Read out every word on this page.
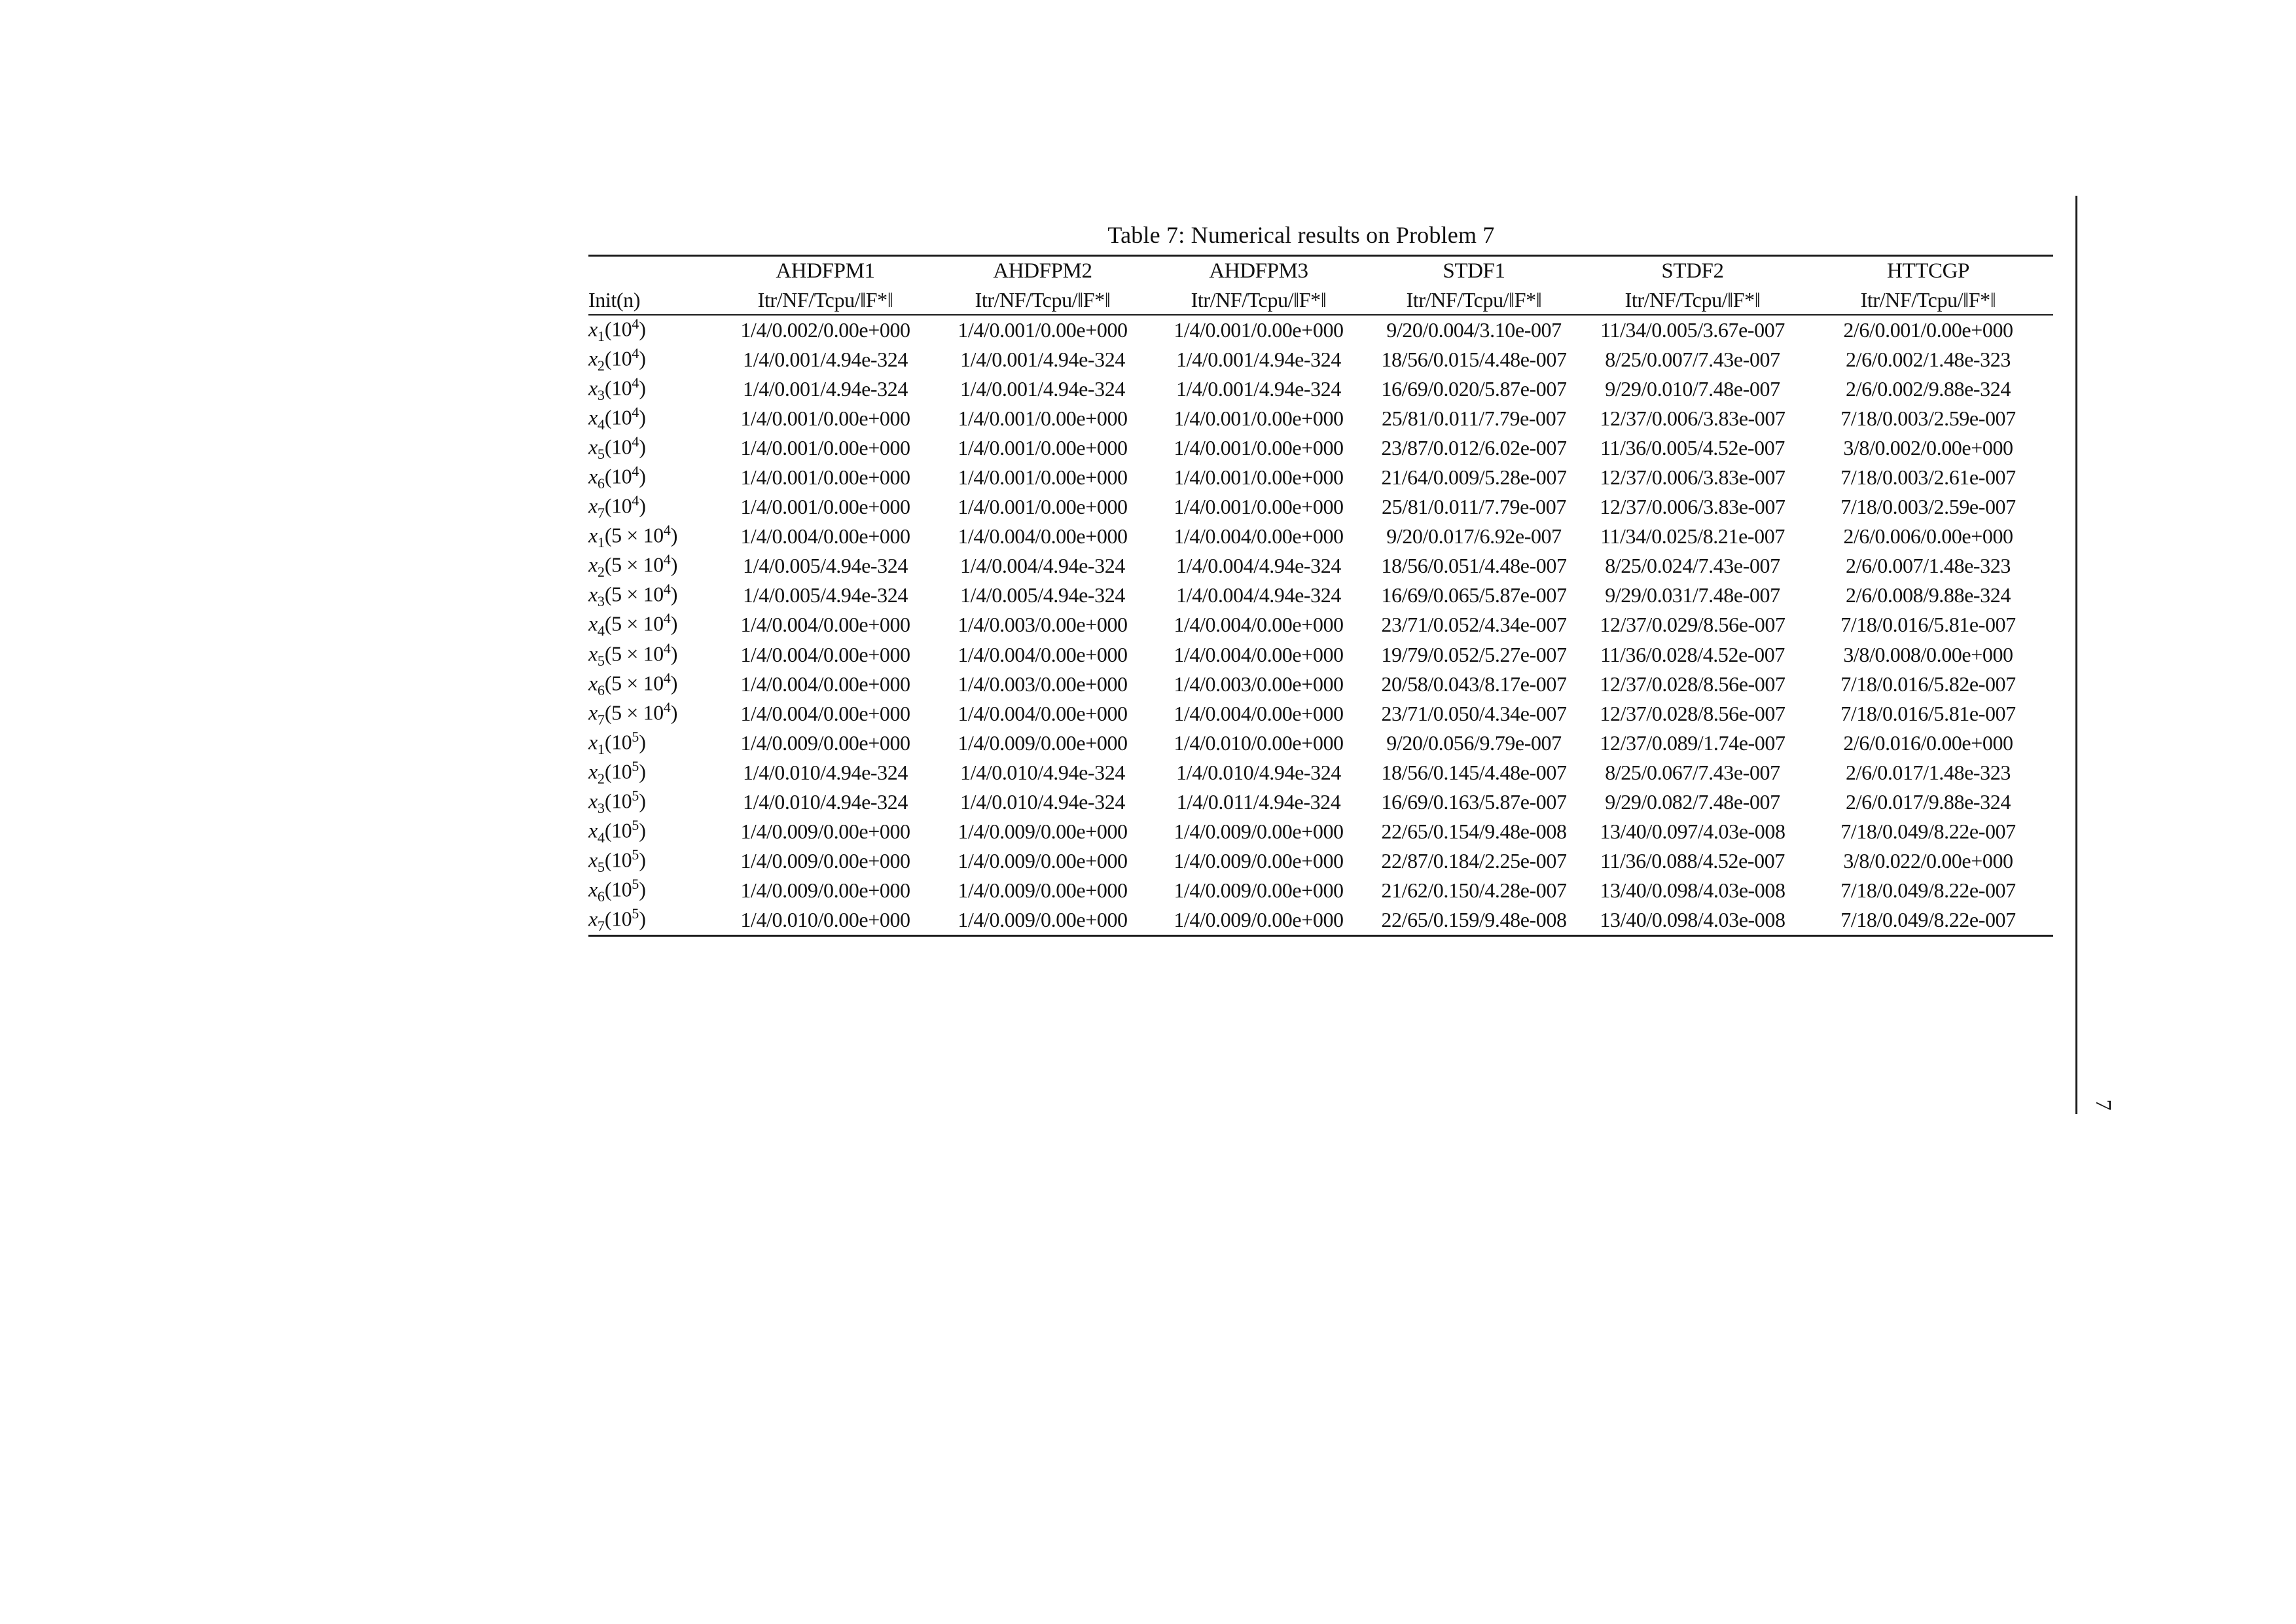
Table 7: Numerical results on Problem 7
	AHDFPM1	AHDFPM2	AHDFPM3	STDF1	STDF2	HTTCGP
Init(n)	Itr/NF/Tcpu/‖F*‖	Itr/NF/Tcpu/‖F*‖	Itr/NF/Tcpu/‖F*‖	Itr/NF/Tcpu/‖F*‖	Itr/NF/Tcpu/‖F*‖	Itr/NF/Tcpu/‖F*‖
$x_1(10^4)$	1/4/0.002/0.00e+000	1/4/0.001/0.00e+000	1/4/0.001/0.00e+000	9/20/0.004/3.10e-007	11/34/0.005/3.67e-007	2/6/0.001/0.00e+000
$x_2(10^4)$	1/4/0.001/4.94e-324	1/4/0.001/4.94e-324	1/4/0.001/4.94e-324	18/56/0.015/4.48e-007	8/25/0.007/7.43e-007	2/6/0.002/1.48e-323
$x_3(10^4)$	1/4/0.001/4.94e-324	1/4/0.001/4.94e-324	1/4/0.001/4.94e-324	16/69/0.020/5.87e-007	9/29/0.010/7.48e-007	2/6/0.002/9.88e-324
$x_4(10^4)$	1/4/0.001/0.00e+000	1/4/0.001/0.00e+000	1/4/0.001/0.00e+000	25/81/0.011/7.79e-007	12/37/0.006/3.83e-007	7/18/0.003/2.59e-007
$x_5(10^4)$	1/4/0.001/0.00e+000	1/4/0.001/0.00e+000	1/4/0.001/0.00e+000	23/87/0.012/6.02e-007	11/36/0.005/4.52e-007	3/8/0.002/0.00e+000
$x_6(10^4)$	1/4/0.001/0.00e+000	1/4/0.001/0.00e+000	1/4/0.001/0.00e+000	21/64/0.009/5.28e-007	12/37/0.006/3.83e-007	7/18/0.003/2.61e-007
$x_7(10^4)$	1/4/0.001/0.00e+000	1/4/0.001/0.00e+000	1/4/0.001/0.00e+000	25/81/0.011/7.79e-007	12/37/0.006/3.83e-007	7/18/0.003/2.59e-007
$x_1(5 \times 10^4)$	1/4/0.004/0.00e+000	1/4/0.004/0.00e+000	1/4/0.004/0.00e+000	9/20/0.017/6.92e-007	11/34/0.025/8.21e-007	2/6/0.006/0.00e+000
$x_2(5 \times 10^4)$	1/4/0.005/4.94e-324	1/4/0.004/4.94e-324	1/4/0.004/4.94e-324	18/56/0.051/4.48e-007	8/25/0.024/7.43e-007	2/6/0.007/1.48e-323
$x_3(5 \times 10^4)$	1/4/0.005/4.94e-324	1/4/0.005/4.94e-324	1/4/0.004/4.94e-324	16/69/0.065/5.87e-007	9/29/0.031/7.48e-007	2/6/0.008/9.88e-324
$x_4(5 \times 10^4)$	1/4/0.004/0.00e+000	1/4/0.003/0.00e+000	1/4/0.004/0.00e+000	23/71/0.052/4.34e-007	12/37/0.029/8.56e-007	7/18/0.016/5.81e-007
$x_5(5 \times 10^4)$	1/4/0.004/0.00e+000	1/4/0.004/0.00e+000	1/4/0.004/0.00e+000	19/79/0.052/5.27e-007	11/36/0.028/4.52e-007	3/8/0.008/0.00e+000
$x_6(5 \times 10^4)$	1/4/0.004/0.00e+000	1/4/0.003/0.00e+000	1/4/0.003/0.00e+000	20/58/0.043/8.17e-007	12/37/0.028/8.56e-007	7/18/0.016/5.82e-007
$x_7(5 \times 10^4)$	1/4/0.004/0.00e+000	1/4/0.004/0.00e+000	1/4/0.004/0.00e+000	23/71/0.050/4.34e-007	12/37/0.028/8.56e-007	7/18/0.016/5.81e-007
$x_1(10^5)$	1/4/0.009/0.00e+000	1/4/0.009/0.00e+000	1/4/0.010/0.00e+000	9/20/0.056/9.79e-007	12/37/0.089/1.74e-007	2/6/0.016/0.00e+000
$x_2(10^5)$	1/4/0.010/4.94e-324	1/4/0.010/4.94e-324	1/4/0.010/4.94e-324	18/56/0.145/4.48e-007	8/25/0.067/7.43e-007	2/6/0.017/1.48e-323
$x_3(10^5)$	1/4/0.010/4.94e-324	1/4/0.010/4.94e-324	1/4/0.011/4.94e-324	16/69/0.163/5.87e-007	9/29/0.082/7.48e-007	2/6/0.017/9.88e-324
$x_4(10^5)$	1/4/0.009/0.00e+000	1/4/0.009/0.00e+000	1/4/0.009/0.00e+000	22/65/0.154/9.48e-008	13/40/0.097/4.03e-008	7/18/0.049/8.22e-007
$x_5(10^5)$	1/4/0.009/0.00e+000	1/4/0.009/0.00e+000	1/4/0.009/0.00e+000	22/87/0.184/2.25e-007	11/36/0.088/4.52e-007	3/8/0.022/0.00e+000
$x_6(10^5)$	1/4/0.009/0.00e+000	1/4/0.009/0.00e+000	1/4/0.009/0.00e+000	21/62/0.150/4.28e-007	13/40/0.098/4.03e-008	7/18/0.049/8.22e-007
$x_7(10^5)$	1/4/0.010/0.00e+000	1/4/0.009/0.00e+000	1/4/0.009/0.00e+000	22/65/0.159/9.48e-008	13/40/0.098/4.03e-008	7/18/0.049/8.22e-007
7
